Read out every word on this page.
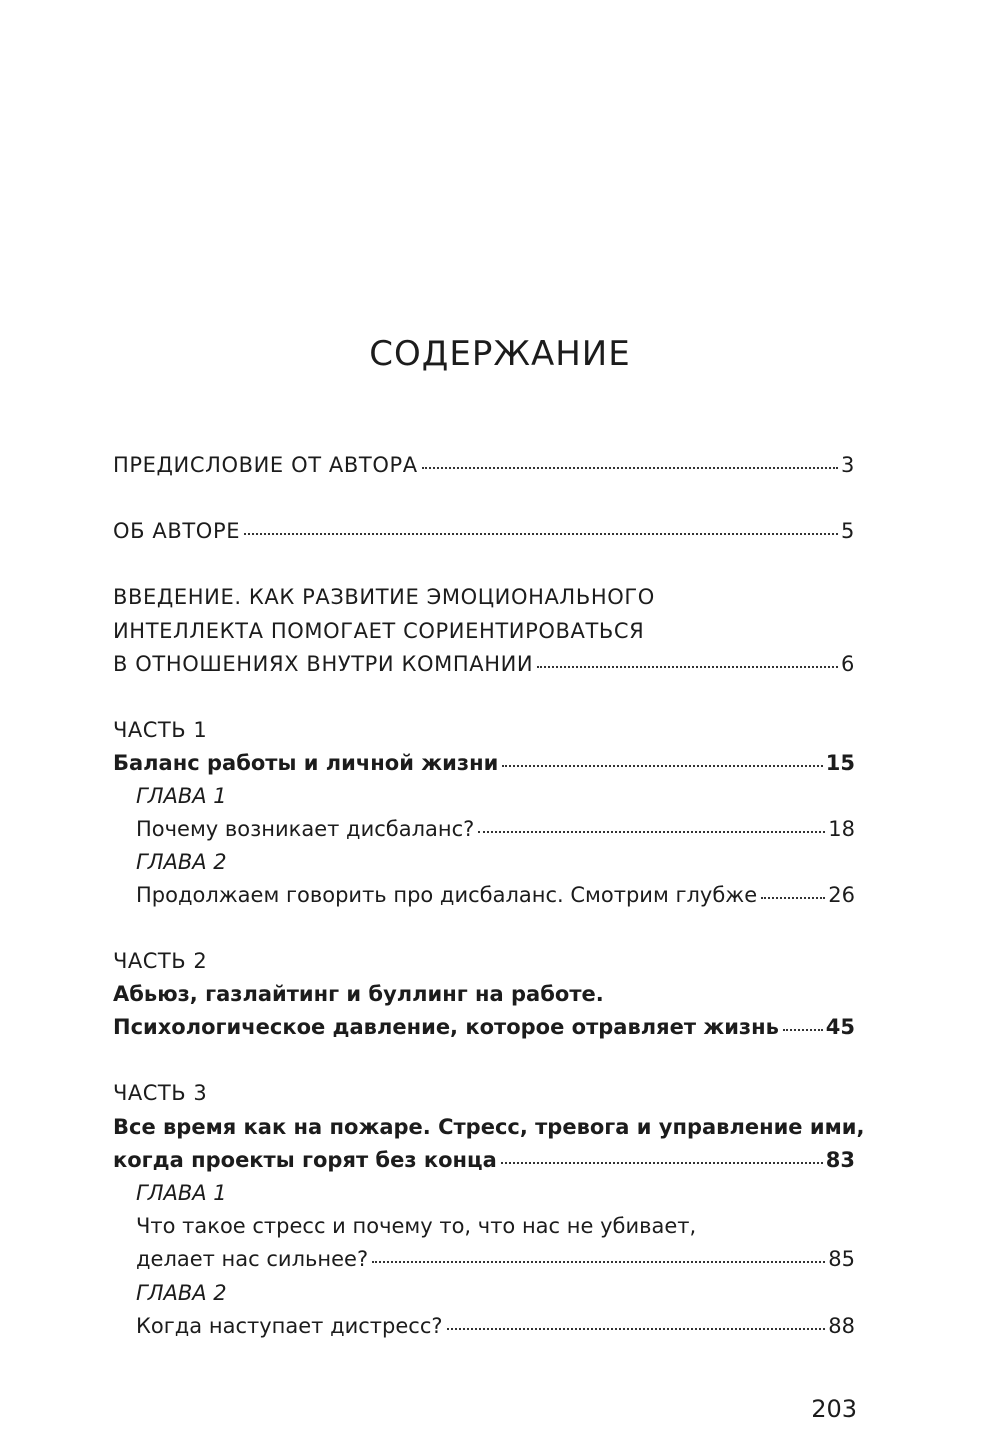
СОДЕРЖАНИЕ
ПРЕДИСЛОВИЕ ОТ АВТОРА	3
ОБ АВТОРЕ	5
ВВЕДЕНИЕ. КАК РАЗВИТИЕ ЭМОЦИОНАЛЬНОГО
ИНТЕЛЛЕКТА ПОМОГАЕТ СОРИЕНТИРОВАТЬСЯ
В ОТНОШЕНИЯХ ВНУТРИ КОМПАНИИ	6
ЧАСТЬ 1
Баланс работы и личной жизни	15
ГЛАВА 1
Почему возникает дисбаланс?	18
ГЛАВА 2
Продолжаем говорить про дисбаланс. Смотрим глубже	26
ЧАСТЬ 2
Абьюз, газлайтинг и буллинг на работе.
Психологическое давление, которое отравляет жизнь 45
ЧАСТЬ 3
Все время как на пожаре. Стресс, тревога и управление ими,
когда проекты горят без конца	83
ГЛАВА 1
Что такое стресс и почему то, что нас не убивает,
делает нас сильнее?	85
ГЛАВА 2
Когда наступает дистресс?	88
203
